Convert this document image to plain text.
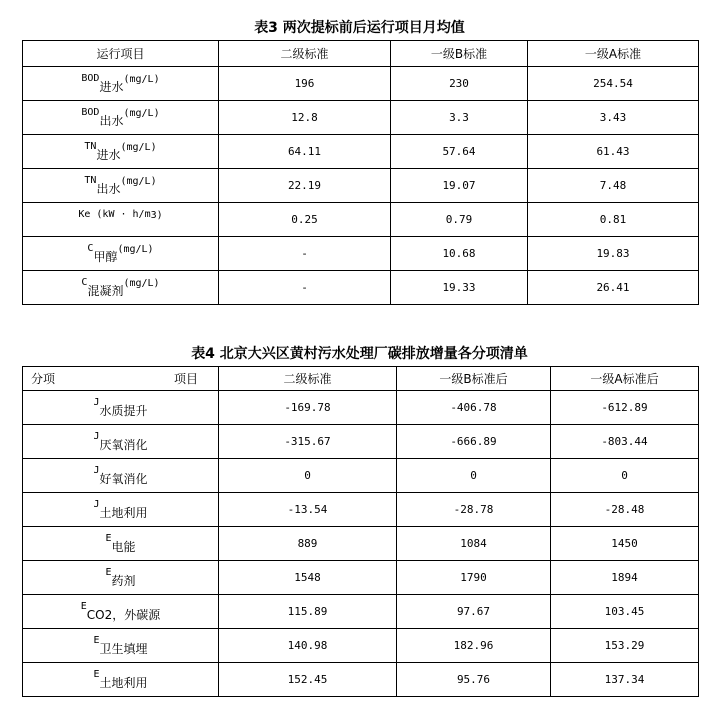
表3 两次提标前后运行项目月均值
运行项目	二级标准	一级B标准	一级A标准
BOD进水(mg/L)	196	230	254.54
BOD出水(mg/L)	12.8	3.3	3.43
TN进水(mg/L)	64.11	57.64	61.43
TN出水(mg/L)	22.19	19.07	7.48
Ke (kW · h/m3)	0.25	0.79	0.81
C甲醇(mg/L)	-	10.68	19.83
C混凝剂(mg/L)	-	19.33	26.41
表4 北京大兴区黄村污水处理厂碳排放增量各分项清单
分项 项目	二级标准	一级B标准后	一级A标准后
J水质提升	-169.78	-406.78	-612.89
J厌氧消化	-315.67	-666.89	-803.44
J好氧消化	0	0	0
J土地利用	-13.54	-28.78	-28.48
E电能	889	1084	1450
E药剂	1548	1790	1894
ECO2，外碳源	115.89	97.67	103.45
E卫生填埋	140.98	182.96	153.29
E土地利用	152.45	95.76	137.34
